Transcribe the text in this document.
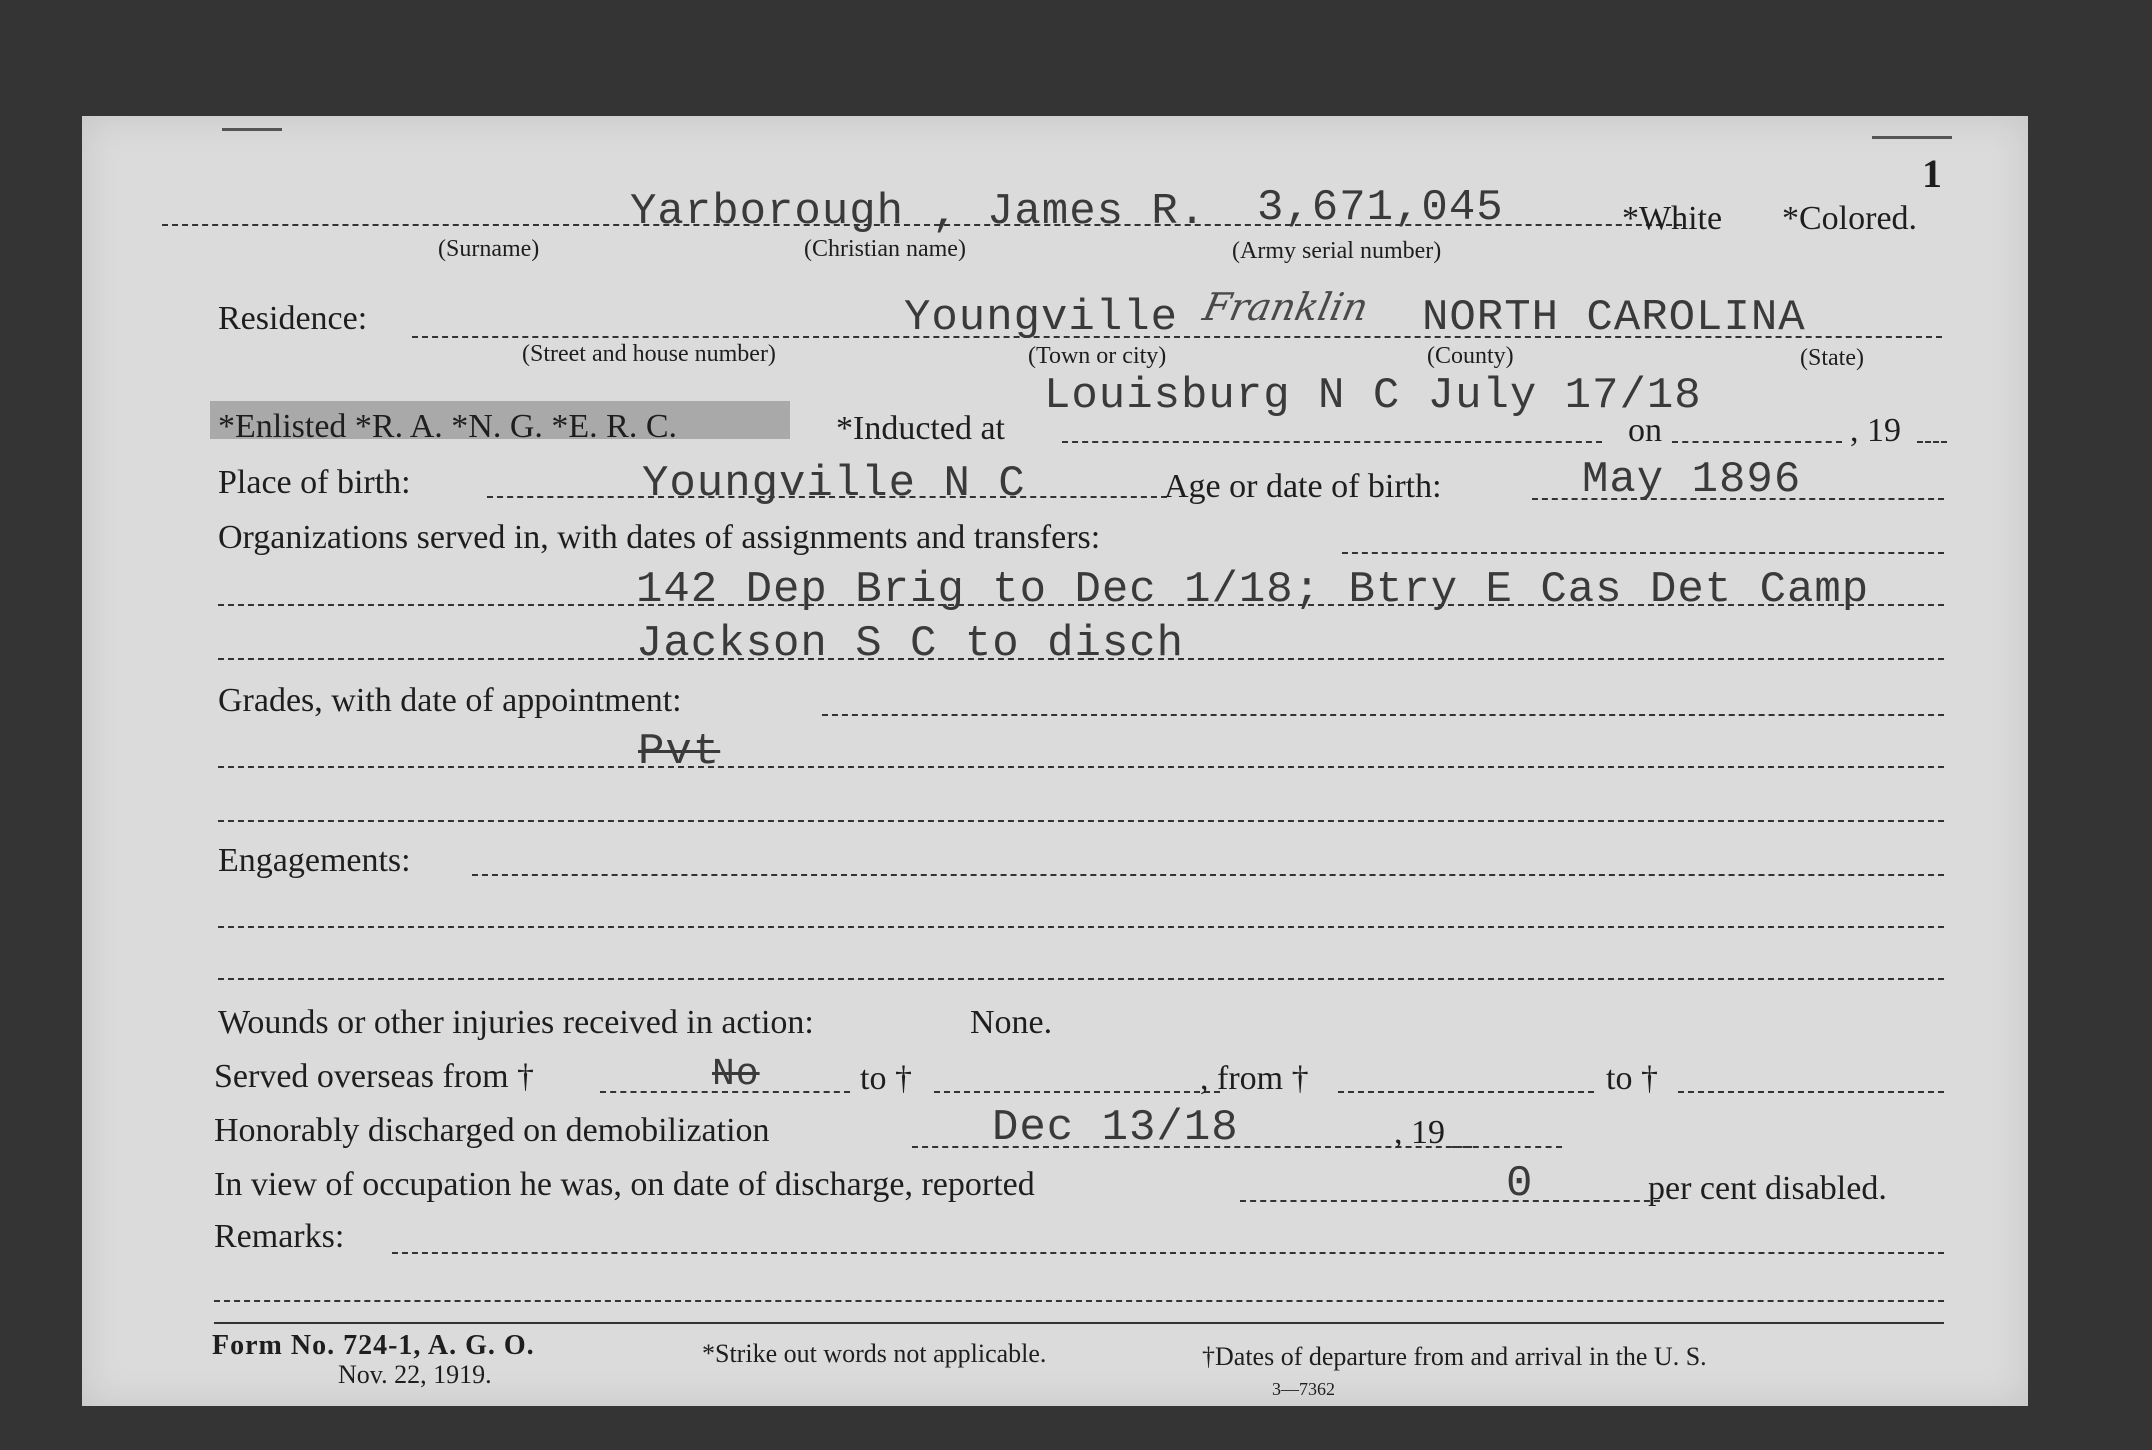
1
Yarborough , James R. 3,671,045	*White *Colored.
(Surname)	(Christian name)	(Army serial number)
Residence:	Youngville Franklin NORTH CAROLINA
(Street and house number)	(Town or city)	(County)	(State)
*Enlisted *R. A. *N. G. *E. R. C.	*Inducted at
Louisburg N C July 17/18
on	, 19
Place of birth:	Youngville N C	Age or date of birth:	May 1896
Organizations served in, with dates of assignments and transfers:
142 Dep Brig to Dec 1/18; Btry E Cas Det Camp
Jackson S C to disch
Grades, with date of appointment:
Pvt
Engagements:
Wounds or other injuries received in action:	None.
Served overseas from †	No	to †	, from †	to †
Honorably discharged on demobilization	Dec 13/18	, 19
In view of occupation he was, on date of discharge, reported	0	per cent disabled.
Remarks:
Form No. 724-1, A. G. O.
Nov. 22, 1919.
*Strike out words not applicable.	†Dates of departure from and arrival in the U. S.
3—7362
